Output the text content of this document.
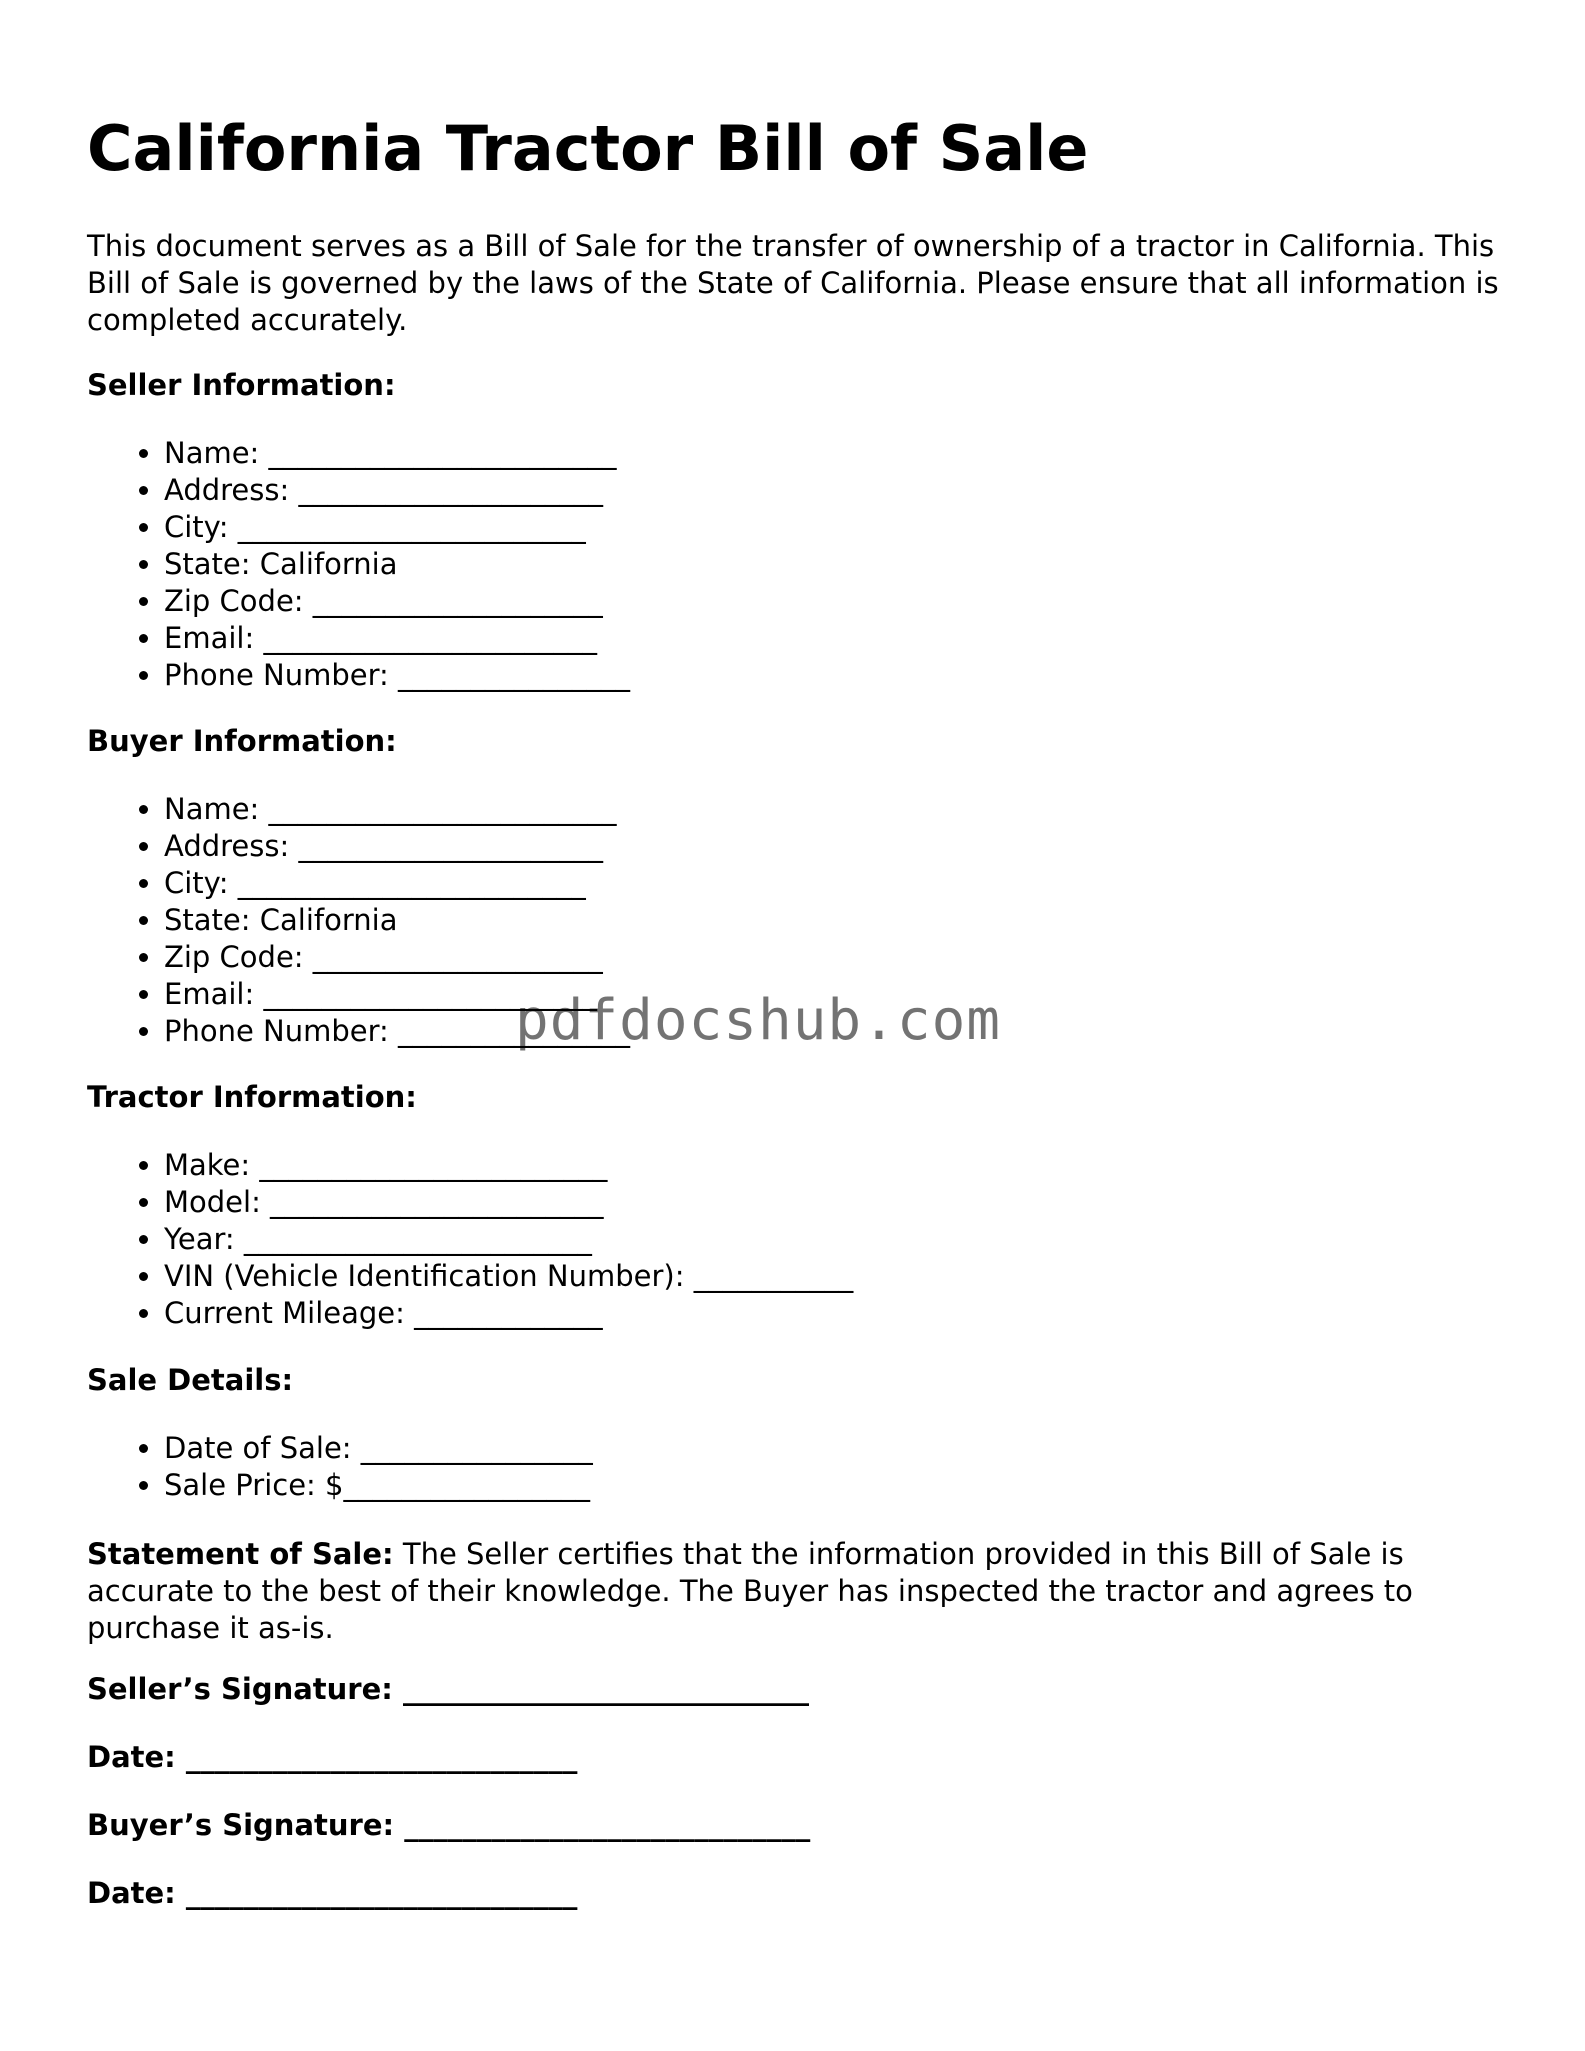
California Tractor Bill of Sale

This document serves as a Bill of Sale for the transfer of ownership of a tractor in California. This Bill of Sale is governed by the laws of the State of California. Please ensure that all information is completed accurately.

Seller Information:

• Name: ________________________
• Address: _____________________
• City: ________________________
• State: California
• Zip Code: ____________________
• Email: _______________________
• Phone Number: ________________

Buyer Information:

• Name: ________________________
• Address: _____________________
• City: ________________________
• State: California
• Zip Code: ____________________
• Email: _______________________
• Phone Number: ________________

Tractor Information:

• Make: ________________________
• Model: _______________________
• Year: ________________________
• VIN (Vehicle Identification Number): ___________
• Current Mileage: _____________

Sale Details:

• Date of Sale: ________________
• Sale Price: $_________________

Statement of Sale: The Seller certifies that the information provided in this Bill of Sale is accurate to the best of their knowledge. The Buyer has inspected the tractor and agrees to purchase it as-is.

Seller’s Signature: ____________________________

Date: ___________________________

Buyer’s Signature: ____________________________

Date: ___________________________

pdfdocshub.com
